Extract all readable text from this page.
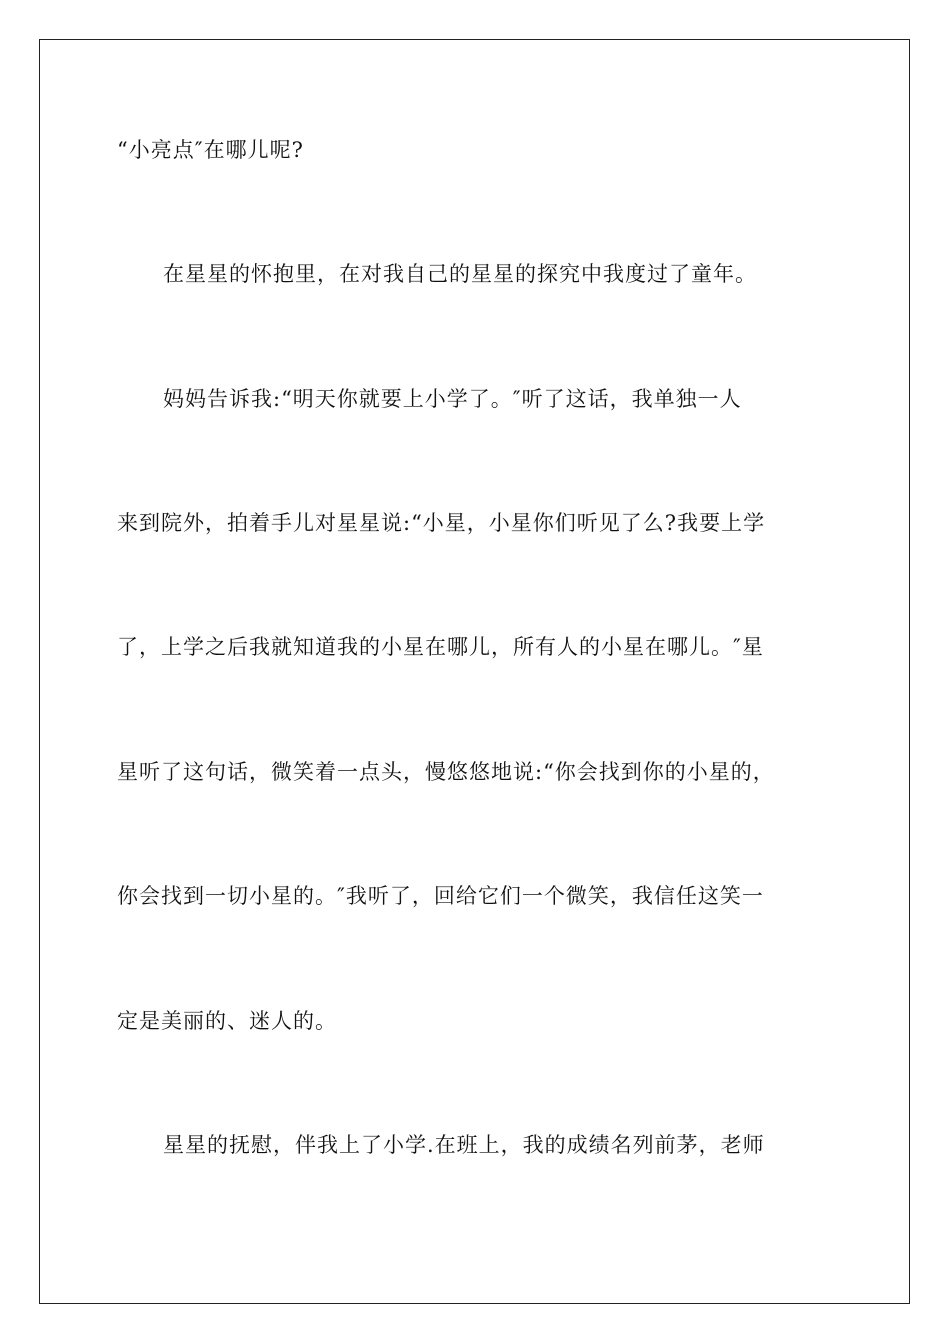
“小亮点″在哪儿呢?
在星星的怀抱里，在对我自己的星星的探究中我度过了童年。
妈妈告诉我:“明天你就要上小学了。″听了这话，我单独一人
来到院外，拍着手儿对星星说:“小星，小星你们听见了么?我要上学
了，上学之后我就知道我的小星在哪儿，所有人的小星在哪儿。″星
星听了这句话，微笑着一点头，慢悠悠地说:“你会找到你的小星的，
你会找到一切小星的。″我听了，回给它们一个微笑，我信任这笑一
定是美丽的、迷人的。
星星的抚慰，伴我上了小学.在班上，我的成绩名列前茅，老师
